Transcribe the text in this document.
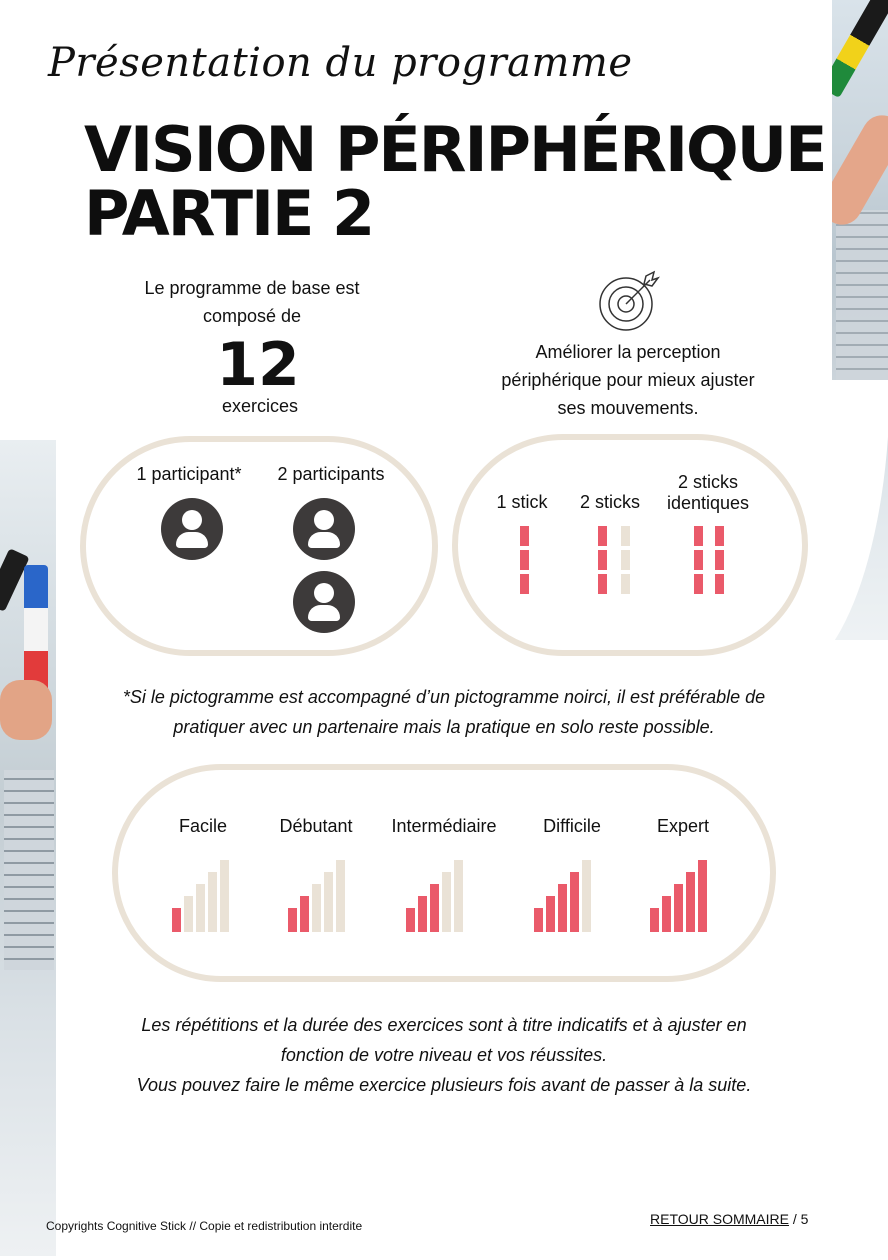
Présentation du programme
VISION PÉRIPHÉRIQUE
PARTIE 2
Le programme de base est composé de
12
exercices
Améliorer la perception périphérique pour mieux ajuster ses mouvements.
1 participant*	2 participants
1 stick	2 sticks
2 sticks identiques
*Si le pictogramme est accompagné d’un pictogramme noirci, il est préférable de pratiquer avec un partenaire mais la pratique en solo reste possible.
Facile	Débutant	Intermédiaire	Difficile	Expert
Les répétitions et la durée des exercices sont à titre indicatifs et à ajuster en
fonction de votre niveau et vos réussites.
Vous pouvez faire le même exercice plusieurs fois avant de passer à la suite.
Copyrights Cognitive Stick // Copie et redistribution interdite	RETOUR SOMMAIRE / 5
